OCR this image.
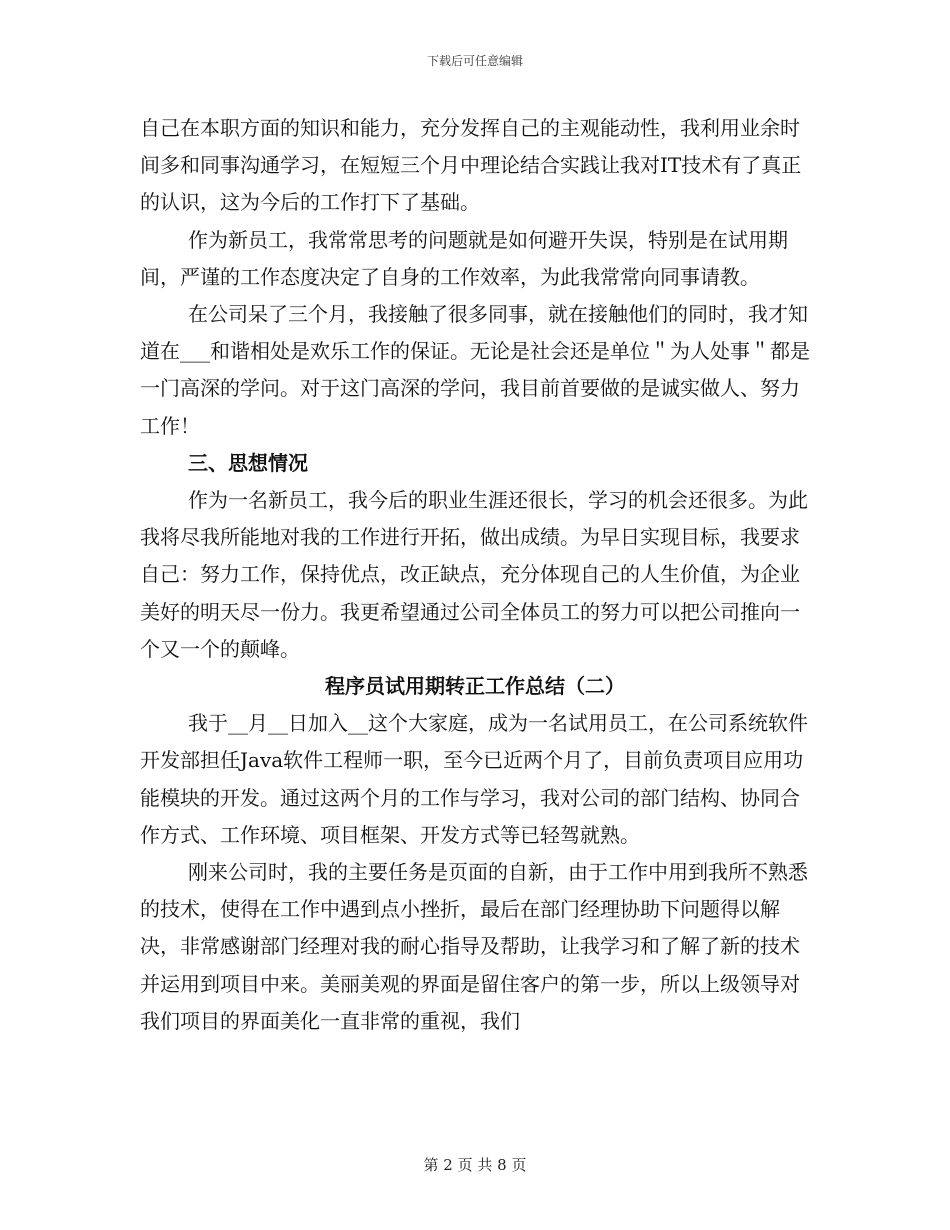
下载后可任意编辑

自己在本职方面的知识和能力，充分发挥自己的主观能动性，我利用业余时间多和同事沟通学习，在短短三个月中理论结合实践让我对IT技术有了真正的认识，这为今后的工作打下了基础。

作为新员工，我常常思考的问题就是如何避开失误，特别是在试用期间，严谨的工作态度决定了自身的工作效率，为此我常常向同事请教。

在公司呆了三个月，我接触了很多同事，就在接触他们的同时，我才知道在___和谐相处是欢乐工作的保证。无论是社会还是单位＂为人处事＂都是一门高深的学问。对于这门高深的学问，我目前首要做的是诚实做人、努力工作！

三、思想情况

作为一名新员工，我今后的职业生涯还很长，学习的机会还很多。为此我将尽我所能地对我的工作进行开拓，做出成绩。为早日实现目标，我要求自己：努力工作，保持优点，改正缺点，充分体现自己的人生价值，为企业美好的明天尽一份力。我更希望通过公司全体员工的努力可以把公司推向一个又一个的颠峰。

程序员试用期转正工作总结（二）

我于__月__日加入__这个大家庭，成为一名试用员工，在公司系统软件开发部担任Java软件工程师一职，至今已近两个月了，目前负责项目应用功能模块的开发。通过这两个月的工作与学习，我对公司的部门结构、协同合作方式、工作环境、项目框架、开发方式等已轻驾就熟。

刚来公司时，我的主要任务是页面的自新，由于工作中用到我所不熟悉的技术，使得在工作中遇到点小挫折，最后在部门经理协助下问题得以解决，非常感谢部门经理对我的耐心指导及帮助，让我学习和了解了新的技术并运用到项目中来。美丽美观的界面是留住客户的第一步，所以上级领导对我们项目的界面美化一直非常的重视，我们

第 2 页 共 8 页
